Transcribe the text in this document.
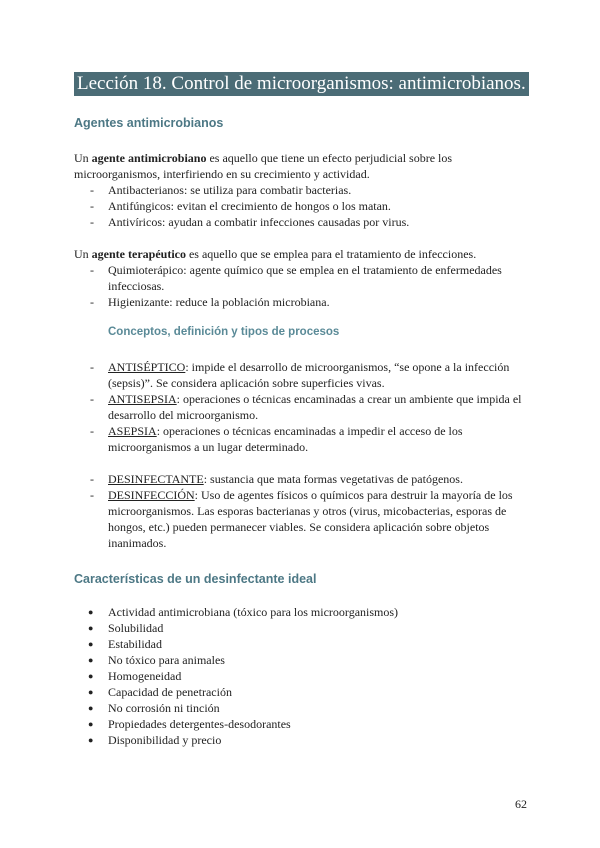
Lección 18. Control de microorganismos: antimicrobianos.
Agentes antimicrobianos

Un agente antimicrobiano es aquello que tiene un efecto perjudicial sobre los microorganismos, interfiriendo en su crecimiento y actividad.

- Antibacterianos: se utiliza para combatir bacterias.
- Antifúngicos: evitan el crecimiento de hongos o los matan.
- Antivíricos: ayudan a combatir infecciones causadas por virus.

Un agente terapéutico es aquello que se emplea para el tratamiento de infecciones.

- Quimioterápico: agente químico que se emplea en el tratamiento de enfermedades infecciosas.
- Higienizante: reduce la población microbiana.
Conceptos, definición y tipos de procesos
- ANTISÉPTICO: impide el desarrollo de microorganismos, “se opone a la infección (sepsis)”. Se considera aplicación sobre superficies vivas.
- ANTISEPSIA: operaciones o técnicas encaminadas a crear un ambiente que impida el desarrollo del microorganismo.
- ASEPSIA: operaciones o técnicas encaminadas a impedir el acceso de los microorganismos a un lugar determinado.
- DESINFECTANTE: sustancia que mata formas vegetativas de patógenos.
- DESINFECCIÓN: Uso de agentes físicos o químicos para destruir la mayoría de los microorganismos. Las esporas bacterianas y otros (virus, micobacterias, esporas de hongos, etc.) pueden permanecer viables. Se considera aplicación sobre objetos inanimados.
Características de un desinfectante ideal
● Actividad antimicrobiana (tóxico para los microorganismos)
● Solubilidad
● Estabilidad
● No tóxico para animales
● Homogeneidad
● Capacidad de penetración
● No corrosión ni tinción
● Propiedades detergentes-desodorantes
● Disponibilidad y precio
62
